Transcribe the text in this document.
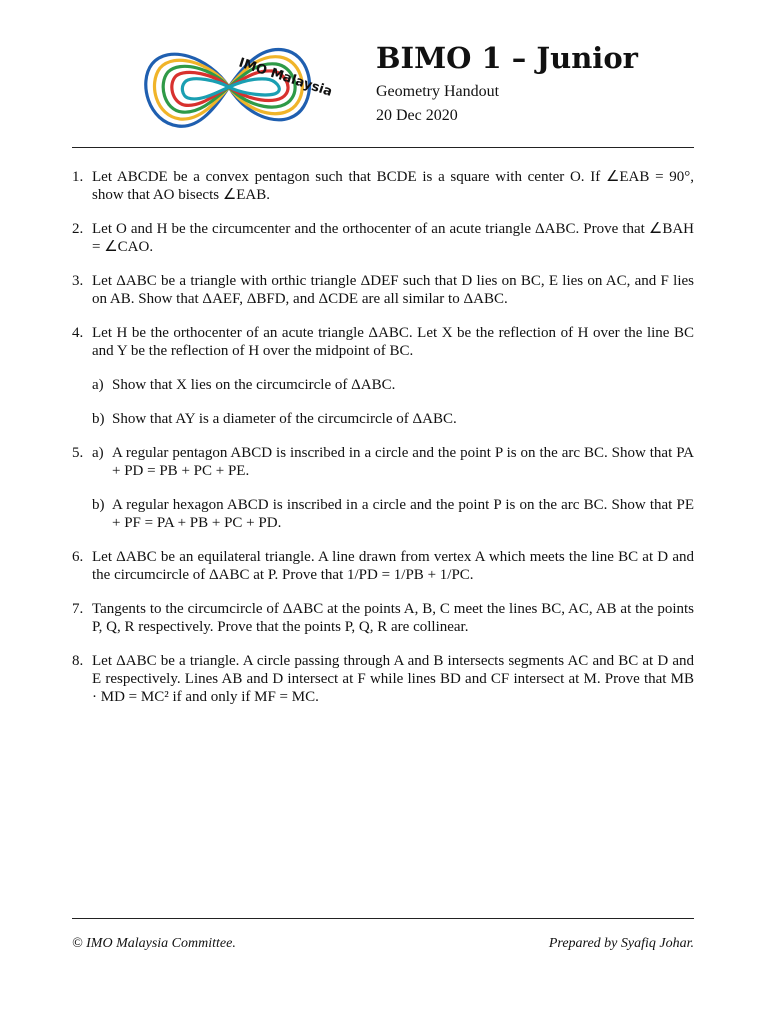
IMO Malaysia BIMO 1 – Junior
Geometry Handout
20 Dec 2020
1. Let ABCDE be a convex pentagon such that BCDE is a square with center O. If ∠EAB = 90°, show that AO bisects ∠EAB.
2. Let O and H be the circumcenter and the orthocenter of an acute triangle ΔABC. Prove that ∠BAH = ∠CAO.
3. Let ΔABC be a triangle with orthic triangle ΔDEF such that D lies on BC, E lies on AC, and F lies on AB. Show that ΔAEF, ΔBFD, and ΔCDE are all similar to ΔABC.
4. Let H be the orthocenter of an acute triangle ΔABC. Let X be the reflection of H over the line BC and Y be the reflection of H over the midpoint of BC.
a) Show that X lies on the circumcircle of ΔABC.
b) Show that AY is a diameter of the circumcircle of ΔABC.
5. a) A regular pentagon ABCD is inscribed in a circle and the point P is on the arc BC. Show that PA + PD = PB + PC + PE.
b) A regular hexagon ABCD is inscribed in a circle and the point P is on the arc BC. Show that PE + PF = PA + PB + PC + PD.
6. Let ΔABC be an equilateral triangle. A line drawn from vertex A which meets the line BC at D and the circumcircle of ΔABC at P. Prove that 1/PD = 1/PB + 1/PC.
7. Tangents to the circumcircle of ΔABC at the points A, B, C meet the lines BC, AC, AB at the points P, Q, R respectively. Prove that the points P, Q, R are collinear.
8. Let ΔABC be a triangle. A circle passing through A and B intersects segments AC and BC at D and E respectively. Lines AB and D intersect at F while lines BD and CF intersect at M. Prove that MB · MD = MC² if and only if MF = MC.
© IMO Malaysia Committee.	Prepared by Syafiq Johar.
